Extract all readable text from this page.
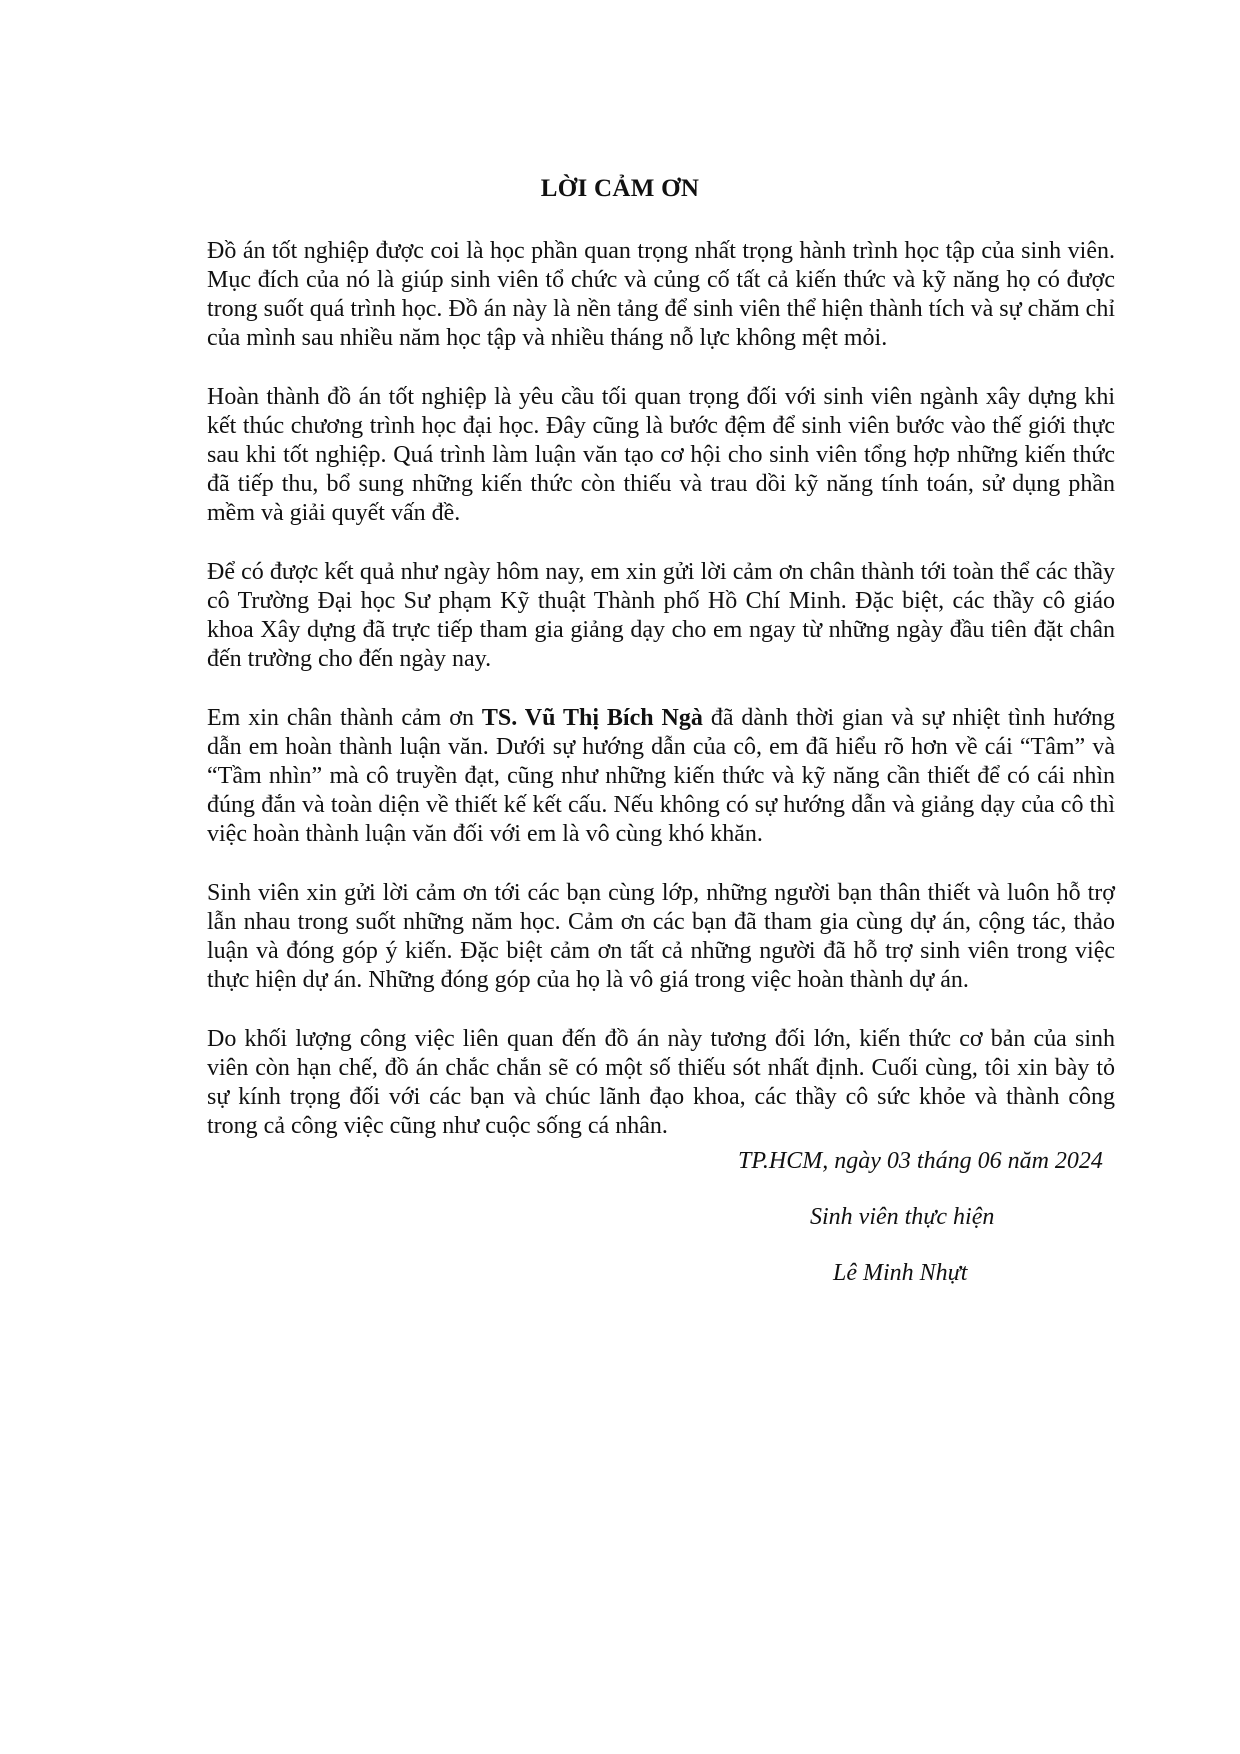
LỜI CẢM ƠN

Đồ án tốt nghiệp được coi là học phần quan trọng nhất trọng hành trình học tập của sinh viên. Mục đích của nó là giúp sinh viên tổ chức và củng cố tất cả kiến thức và kỹ năng họ có được trong suốt quá trình học. Đồ án này là nền tảng để sinh viên thể hiện thành tích và sự chăm chỉ của mình sau nhiều năm học tập và nhiều tháng nỗ lực không mệt mỏi.

Hoàn thành đồ án tốt nghiệp là yêu cầu tối quan trọng đối với sinh viên ngành xây dựng khi kết thúc chương trình học đại học. Đây cũng là bước đệm để sinh viên bước vào thế giới thực sau khi tốt nghiệp. Quá trình làm luận văn tạo cơ hội cho sinh viên tổng hợp những kiến thức đã tiếp thu, bổ sung những kiến thức còn thiếu và trau dồi kỹ năng tính toán, sử dụng phần mềm và giải quyết vấn đề.

Để có được kết quả như ngày hôm nay, em xin gửi lời cảm ơn chân thành tới toàn thể các thầy cô Trường Đại học Sư phạm Kỹ thuật Thành phố Hồ Chí Minh. Đặc biệt, các thầy cô giáo khoa Xây dựng đã trực tiếp tham gia giảng dạy cho em ngay từ những ngày đầu tiên đặt chân đến trường cho đến ngày nay.

Em xin chân thành cảm ơn TS. Vũ Thị Bích Ngà đã dành thời gian và sự nhiệt tình hướng dẫn em hoàn thành luận văn. Dưới sự hướng dẫn của cô, em đã hiểu rõ hơn về cái “Tâm” và “Tầm nhìn” mà cô truyền đạt, cũng như những kiến thức và kỹ năng cần thiết để có cái nhìn đúng đắn và toàn diện về thiết kế kết cấu. Nếu không có sự hướng dẫn và giảng dạy của cô thì việc hoàn thành luận văn đối với em là vô cùng khó khăn.

Sinh viên xin gửi lời cảm ơn tới các bạn cùng lớp, những người bạn thân thiết và luôn hỗ trợ lẫn nhau trong suốt những năm học. Cảm ơn các bạn đã tham gia cùng dự án, cộng tác, thảo luận và đóng góp ý kiến. Đặc biệt cảm ơn tất cả những người đã hỗ trợ sinh viên trong việc thực hiện dự án. Những đóng góp của họ là vô giá trong việc hoàn thành dự án.

Do khối lượng công việc liên quan đến đồ án này tương đối lớn, kiến thức cơ bản của sinh viên còn hạn chế, đồ án chắc chắn sẽ có một số thiếu sót nhất định. Cuối cùng, tôi xin bày tỏ sự kính trọng đối với các bạn và chúc lãnh đạo khoa, các thầy cô sức khỏe và thành công trong cả công việc cũng như cuộc sống cá nhân.

TP.HCM, ngày 03 tháng 06 năm 2024
Sinh viên thực hiện
Lê Minh Nhựt
